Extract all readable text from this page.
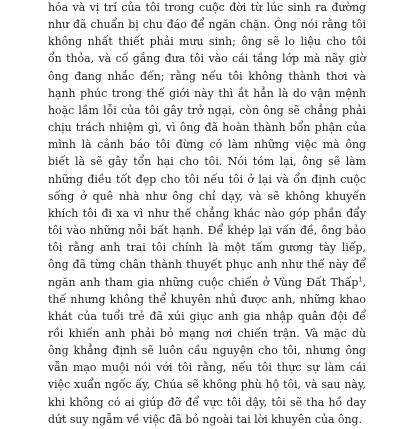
hóa và vị trí của tôi trong cuộc đời từ lúc sinh ra đường
như đã chuẩn bị chu đáo để ngăn chặn. Ông nói rằng tôi
không nhất thiết phải mưu sinh; ông sẽ lo liệu cho tôi
ổn thỏa, và cố gắng đưa tôi vào cái tầng lớp mà nãy giờ
ông đang nhắc đến; rằng nếu tôi không thành thơi và
hạnh phúc trong thế giới này thì ắt hẳn là do vận mệnh
hoặc lầm lỗi của tôi gây trở ngại, còn ông sẽ chẳng phải
chịu trách nhiệm gì, vì ông đã hoàn thành bổn phận của
mình là cảnh báo tôi đừng có làm những việc mà ông
biết là sẽ gây tổn hại cho tôi. Nói tóm lại, ông sẽ làm
những điều tốt đẹp cho tôi nếu tôi ở lại và ổn định cuộc
sống ở quê nhà như ông chỉ dạy, và sẽ không khuyến
khích tôi đi xa vì như thế chẳng khác nào góp phần đẩy
tôi vào những nỗi bất hạnh. Để khép lại vấn đề, ông bảo
tôi rằng anh trai tôi chính là một tấm gương tày liếp,
ông đã từng chân thành thuyết phục anh như thế này để
ngăn anh tham gia những cuộc chiến ở Vùng Đất Thấp$^1$,
thế nhưng không thể khuyên nhủ được anh, những khao
khát của tuổi trẻ đã xúi giục anh gia nhập quân đội để
rồi khiến anh phải bỏ mạng nơi chiến trận. Và mặc dù
ông khẳng định sẽ luôn cầu nguyện cho tôi, nhưng ông
vẫn mạo muội nói với tôi rằng, nếu tôi thực sự làm cái
việc xuẩn ngốc ấy, Chúa sẽ không phù hộ tôi, và sau này,
khi không có ai giúp đỡ để vực tôi dậy, tôi sẽ tha hồ day
dứt suy ngẫm về việc đã bỏ ngoài tai lời khuyên của ông.
